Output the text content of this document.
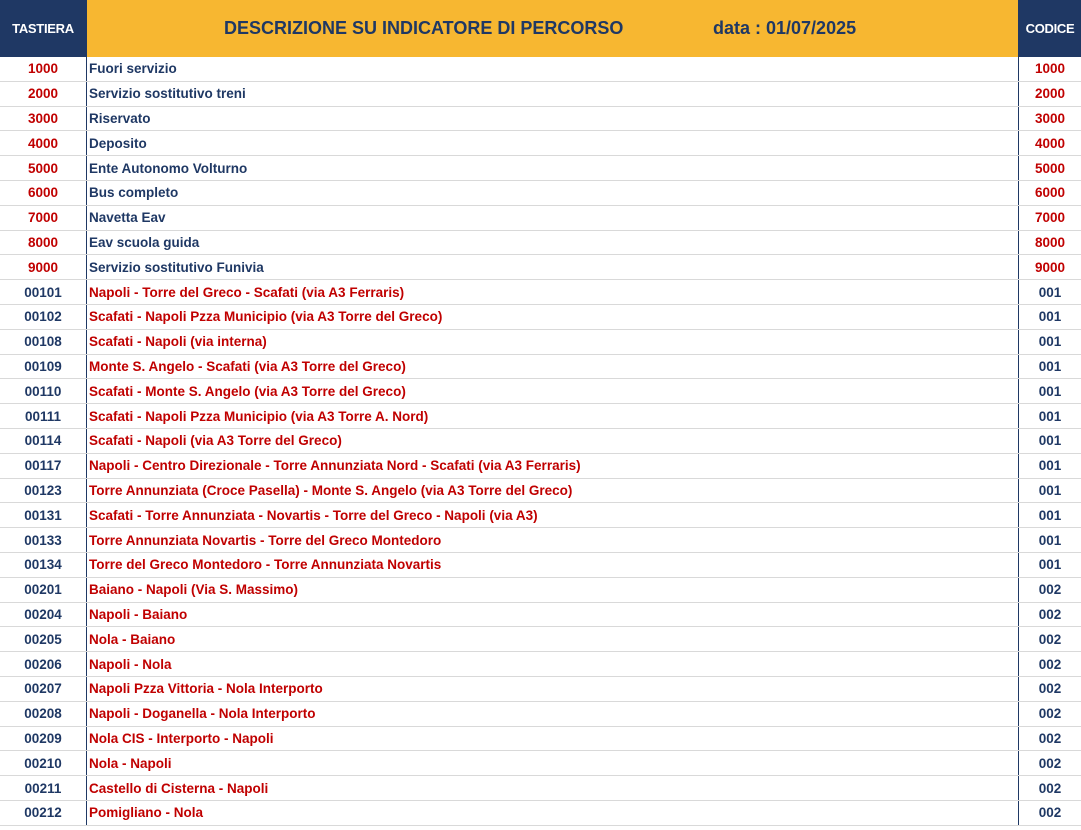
TASTIERA	DESCRIZIONE SU INDICATORE DI PERCORSO	data : 01/07/2025	CODICE
1000	Fuori servizio	1000
2000	Servizio sostitutivo treni	2000
3000	Riservato	3000
4000	Deposito	4000
5000	Ente Autonomo Volturno	5000
6000	Bus completo	6000
7000	Navetta Eav	7000
8000	Eav scuola guida	8000
9000	Servizio sostitutivo Funivia	9000
00101	Napoli - Torre del Greco - Scafati (via A3 Ferraris)	001
00102	Scafati - Napoli Pzza Municipio (via A3 Torre del Greco)	001
00108	Scafati - Napoli (via interna)	001
00109	Monte S. Angelo - Scafati (via A3 Torre del Greco)	001
00110	Scafati - Monte S. Angelo (via A3 Torre del Greco)	001
00111	Scafati - Napoli Pzza Municipio (via A3 Torre A. Nord)	001
00114	Scafati - Napoli (via A3 Torre del Greco)	001
00117	Napoli - Centro Direzionale - Torre Annunziata Nord - Scafati (via A3 Ferraris)	001
00123	Torre Annunziata (Croce Pasella) - Monte S. Angelo (via A3 Torre del Greco)	001
00131	Scafati - Torre Annunziata - Novartis - Torre del Greco - Napoli (via A3)	001
00133	Torre Annunziata Novartis - Torre del Greco Montedoro	001
00134	Torre del Greco Montedoro - Torre Annunziata Novartis	001
00201	Baiano - Napoli (Via S. Massimo)	002
00204	Napoli - Baiano	002
00205	Nola - Baiano	002
00206	Napoli - Nola	002
00207	Napoli Pzza Vittoria - Nola Interporto	002
00208	Napoli - Doganella - Nola Interporto	002
00209	Nola CIS - Interporto - Napoli	002
00210	Nola - Napoli	002
00211	Castello di Cisterna - Napoli	002
00212	Pomigliano - Nola	002
